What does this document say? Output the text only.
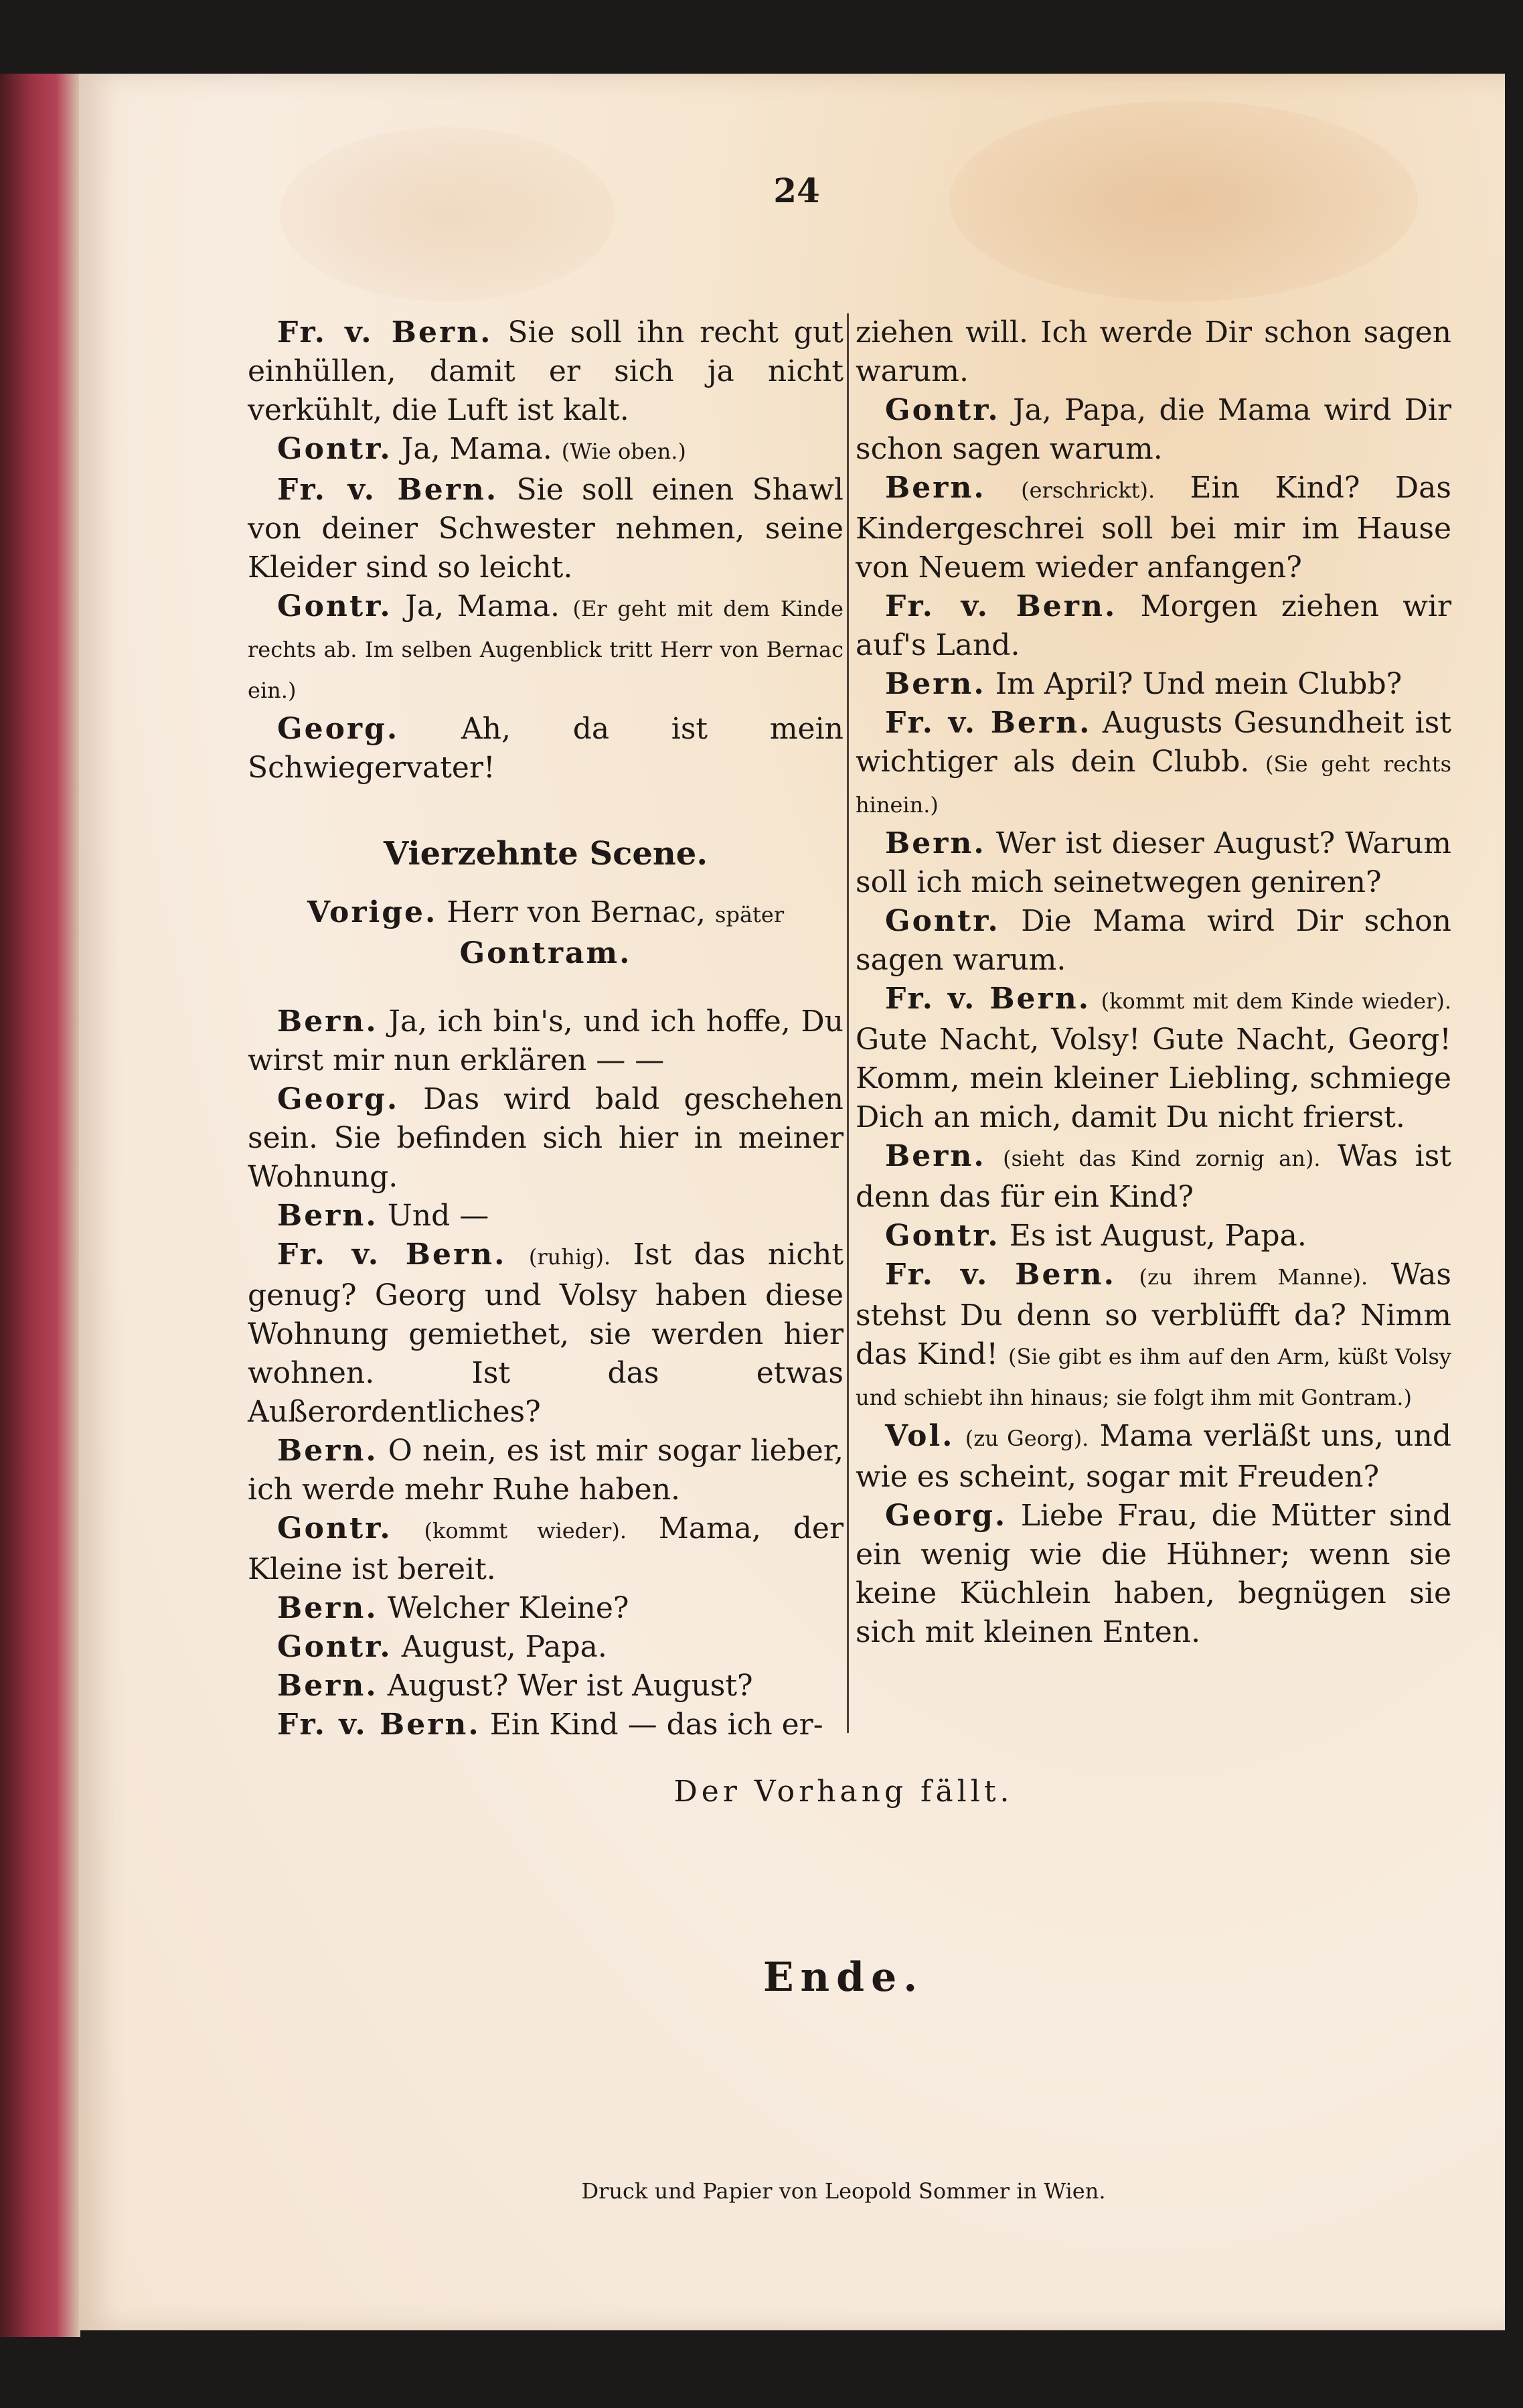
24

Fr. v. Bern. Sie soll ihn recht gut einhüllen, damit er sich ja nicht verkühlt, die Luft ist kalt.

Gontr. Ja, Mama. (Wie oben.)

Fr. v. Bern. Sie soll einen Shawl von deiner Schwester nehmen, seine Kleider sind so leicht.

Gontr. Ja, Mama. (Er geht mit dem Kinde rechts ab. Im selben Augenblick tritt Herr von Bernac ein.)

Georg. Ah, da ist mein Schwiegervater!

Vierzehnte Scene.
Vorige. Herr von Bernac, später Gontram.

Bern. Ja, ich bin's, und ich hoffe, Du wirst mir nun erklären — —

Georg. Das wird bald geschehen sein. Sie befinden sich hier in meiner Wohnung.

Bern. Und —

Fr. v. Bern. (ruhig). Ist das nicht genug? Georg und Volsy haben diese Wohnung gemiethet, sie werden hier wohnen. Ist das etwas Außerordentliches?

Bern. O nein, es ist mir sogar lieber, ich werde mehr Ruhe haben.

Gontr. (kommt wieder). Mama, der Kleine ist bereit.

Bern. Welcher Kleine?

Gontr. August, Papa.

Bern. August? Wer ist August?

Fr. v. Bern. Ein Kind — das ich er-

ziehen will. Ich werde Dir schon sagen warum.

Gontr. Ja, Papa, die Mama wird Dir schon sagen warum.

Bern. (erschrickt). Ein Kind? Das Kindergeschrei soll bei mir im Hause von Neuem wieder anfangen?

Fr. v. Bern. Morgen ziehen wir auf's Land.

Bern. Im April? Und mein Clubb?

Fr. v. Bern. Augusts Gesundheit ist wichtiger als dein Clubb. (Sie geht rechts hinein.)

Bern. Wer ist dieser August? Warum soll ich mich seinetwegen geniren?

Gontr. Die Mama wird Dir schon sagen warum.

Fr. v. Bern. (kommt mit dem Kinde wieder). Gute Nacht, Volsy! Gute Nacht, Georg! Komm, mein kleiner Liebling, schmiege Dich an mich, damit Du nicht frierst.

Bern. (sieht das Kind zornig an). Was ist denn das für ein Kind?

Gontr. Es ist August, Papa.

Fr. v. Bern. (zu ihrem Manne). Was stehst Du denn so verblüfft da? Nimm das Kind! (Sie gibt es ihm auf den Arm, küßt Volsy und schiebt ihn hinaus; sie folgt ihm mit Gontram.)

Vol. (zu Georg). Mama verläßt uns, und wie es scheint, sogar mit Freuden?

Georg. Liebe Frau, die Mütter sind ein wenig wie die Hühner; wenn sie keine Küchlein haben, begnügen sie sich mit kleinen Enten.

Der Vorhang fällt.
Ende.
Druck und Papier von Leopold Sommer in Wien.
